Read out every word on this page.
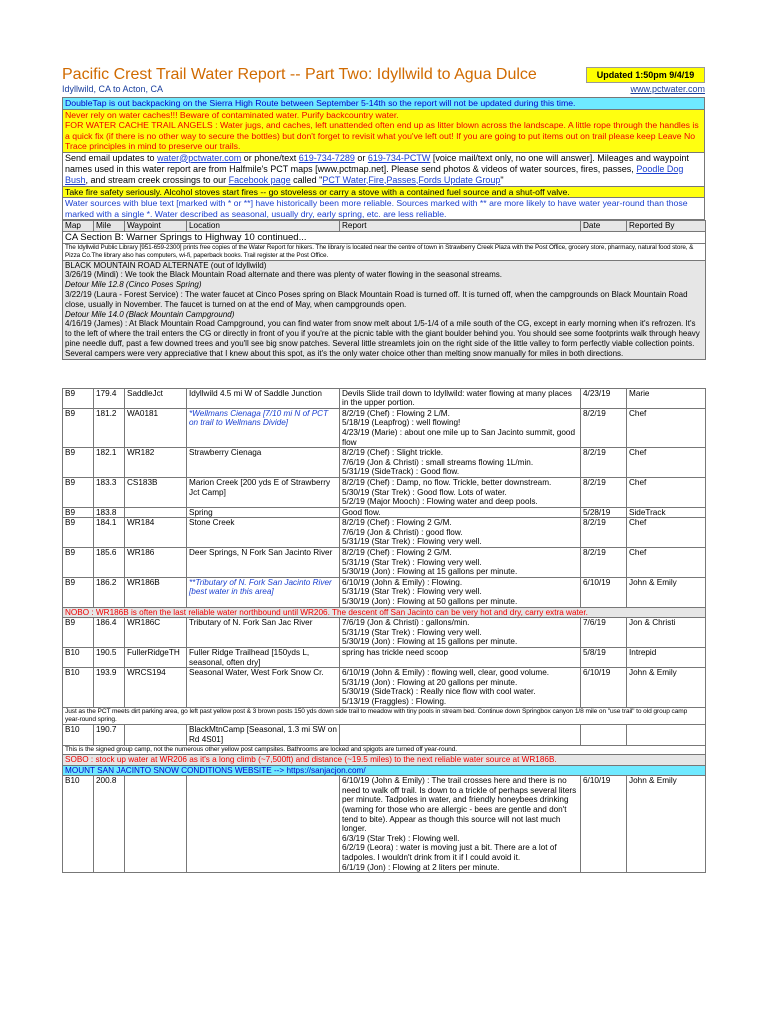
Pacific Crest Trail Water Report -- Part Two: Idyllwild to Agua Dulce	Updated 1:50pm 9/4/19
Idyllwild, CA to Acton, CA	www.pctwater.com
DoubleTap is out backpacking on the Sierra High Route between September 5-14th so the report will not be updated during this time.
Never rely on water caches!!! Beware of contaminated water. Purify backcountry water.
FOR WATER CACHE TRAIL ANGELS : Water jugs, and caches, left unattended often end up as litter blown across the landscape. A little rope through the handles is a quick fix (if there is no other way to secure the bottles) but don't forget to revisit what you've left out! If you are going to put items out on trail please keep Leave No Trace principles in mind to preserve our trails.
Send email updates to water@pctwater.com or phone/text 619-734-7289 or 619-734-PCTW [voice mail/text only, no one will answer]. Mileages and waypoint names used in this water report are from Halfmile's PCT maps [www.pctmap.net]. Please send photos & videos of water sources, fires, passes, Poodle Dog Bush, and stream creek crossings to our Facebook page called "PCT Water,Fire,Passes,Fords Update Group"
Take fire safety seriously. Alcohol stoves start fires -- go stoveless or carry a stove with a contained fuel source and a shut-off valve.
Water sources with blue text [marked with * or **] have historically been more reliable. Sources marked with ** are more likely to have water year-round than those marked with a single *. Water described as seasonal, usually dry, early spring, etc. are less reliable.
Map	Mile	Waypoint	Location	Report	Date	Reported By
CA Section B: Warner Springs to Highway 10 continued...
The Idyllwild Public Library [951-659-2300] prints free copies of the Water Report for hikers. The library is located near the centre of town in Strawberry Creek Plaza with the Post Office, grocery store, pharmacy, natural food store, & Pizza Co.The library also has computers, wi-fi, paperback books. Trail register at the Post Office.

BLACK MOUNTAIN ROAD ALTERNATE (out of Idyllwild)
3/26/19 (Mindi) : We took the Black Mountain Road alternate and there was plenty of water flowing in the seasonal streams.
Detour Mile 12.8 (Cinco Poses Spring)
3/22/19 (Laura - Forest Service) : The water faucet at Cinco Poses spring on Black Mountain Road is turned off. It is turned off, when the campgrounds on Black Mountain Road close, usually in November. The faucet is turned on at the end of May, when campgrounds open.
Detour Mile 14.0 (Black Mountain Campground)
4/16/19 (James) : At Black Mountain Road Campground, you can find water from snow melt about 1/5-1/4 of a mile south of the CG, except in early morning when it's refrozen. It's to the left of where the trail enters the CG or directly in front of you if you're at the picnic table with the giant boulder behind you. You should see some footprints walk through heavy pine needle duff, past a few downed trees and you'll see big snow patches. Several little streamlets join on the right side of the little valley to form perfectly viable collection points. Several campers were very appreciative that I knew about this spot, as it's the only water choice other than melting snow manually for miles in both directions.
B9	179.4	SaddleJct	Idyllwild 4.5 mi W of Saddle Junction	Devils Slide trail down to Idyllwild: water flowing at many places in the upper portion.	4/23/19	Marie
B9	181.2	WA0181	*Wellmans Cienaga [7/10 mi N of PCT on trail to Wellmans Divide]	8/2/19 (Chef) : Flowing 2 L/M.
5/18/19 (Leapfrog) : well flowing!
4/23/19 (Marie) : about one mile up to San Jacinto summit, good flow	8/2/19	Chef
B9	182.1	WR182	Strawberry Cienaga	8/2/19 (Chef) : Slight trickle.
7/6/19 (Jon & Christi) : small streams flowing 1L/min.
5/31/19 (SideTrack) : Good flow.	8/2/19	Chef
B9	183.3	CS183B	Marion Creek [200 yds E of Strawberry Jct Camp]	8/2/19 (Chef) : Damp, no flow. Trickle, better downstream.
5/30/19 (Star Trek) : Good flow. Lots of water.
5/2/19 (Major Mooch) : Flowing water and deep pools.	8/2/19	Chef
B9	183.8		Spring	Good flow.	5/28/19	SideTrack
B9	184.1	WR184	Stone Creek	8/2/19 (Chef) : Flowing 2 G/M.
7/6/19 (Jon & Christi) : good flow.
5/31/19 (Star Trek) : Flowing very well.	8/2/19	Chef
B9	185.6	WR186	Deer Springs, N Fork San Jacinto River	8/2/19 (Chef) : Flowing 2 G/M.
5/31/19 (Star Trek) : Flowing very well.
5/30/19 (Jon) : Flowing at 15 gallons per minute.	8/2/19	Chef
B9	186.2	WR186B	**Tributary of N. Fork San Jacinto River [best water in this area]	6/10/19 (John & Emily) : Flowing.
5/31/19 (Star Trek) : Flowing very well.
5/30/19 (Jon) : Flowing at 50 gallons per minute.	6/10/19	John & Emily
NOBO : WR186B is often the last reliable water northbound until WR206. The descent off San Jacinto can be very hot and dry, carry extra water.						
B9	186.4	WR186C	Tributary of N. Fork San Jac River	7/6/19 (Jon & Christi) : gallons/min.
5/31/19 (Star Trek) : Flowing very well.
5/30/19 (Jon) : Flowing at 15 gallons per minute.	7/6/19	Jon & Christi
B10	190.5	FullerRidgeTH	Fuller Ridge Trailhead [150yds L, seasonal, often dry]	spring has trickle need scoop	5/8/19	Intrepid
B10	193.9	WRCS194	Seasonal Water, West Fork Snow Cr.	6/10/19 (John & Emily) : flowing well, clear, good volume.
5/31/19 (Jon) : Flowing at 20 gallons per minute.
5/30/19 (SideTrack) : Really nice flow with cool water.
5/13/19 (Fraggles) : Flowing.	6/10/19	John & Emily
Just as the PCT meets dirt parking area, go left past yellow post & 3 brown posts 150 yds down side trail to meadow with tiny pools in stream bed. Continue down Springbox canyon 1/8 mile on "use trail" to old group camp year-round spring.						
B10	190.7		BlackMtnCamp [Seasonal, 1.3 mi SW on Rd 4S01]			
This is the signed group camp, not the numerous other yellow post campsites. Bathrooms are locked and spigots are turned off year-round.						
SOBO : stock up water at WR206 as it's a long climb (~7,500ft) and distance (~19.5 miles) to the next reliable water source at WR186B.						
MOUNT SAN JACINTO SNOW CONDITIONS WEBSITE --> https://sanjacjon.com/						
B10	200.8			6/10/19 (John & Emily) : The trail crosses here and there is no need to walk off trail. Is down to a trickle of perhaps several liters per minute. Tadpoles in water, and friendly honeybees drinking (warning for those who are allergic - bees are gentle and don't tend to bite). Appear as though this source will not last much longer.
6/3/19 (Star Trek) : Flowing well.
6/2/19 (Leora) : water is moving just a bit. There are a lot of tadpoles. I wouldn't drink from it if I could avoid it.
6/1/19 (Jon) : Flowing at 2 liters per minute.	6/10/19	John & Emily
